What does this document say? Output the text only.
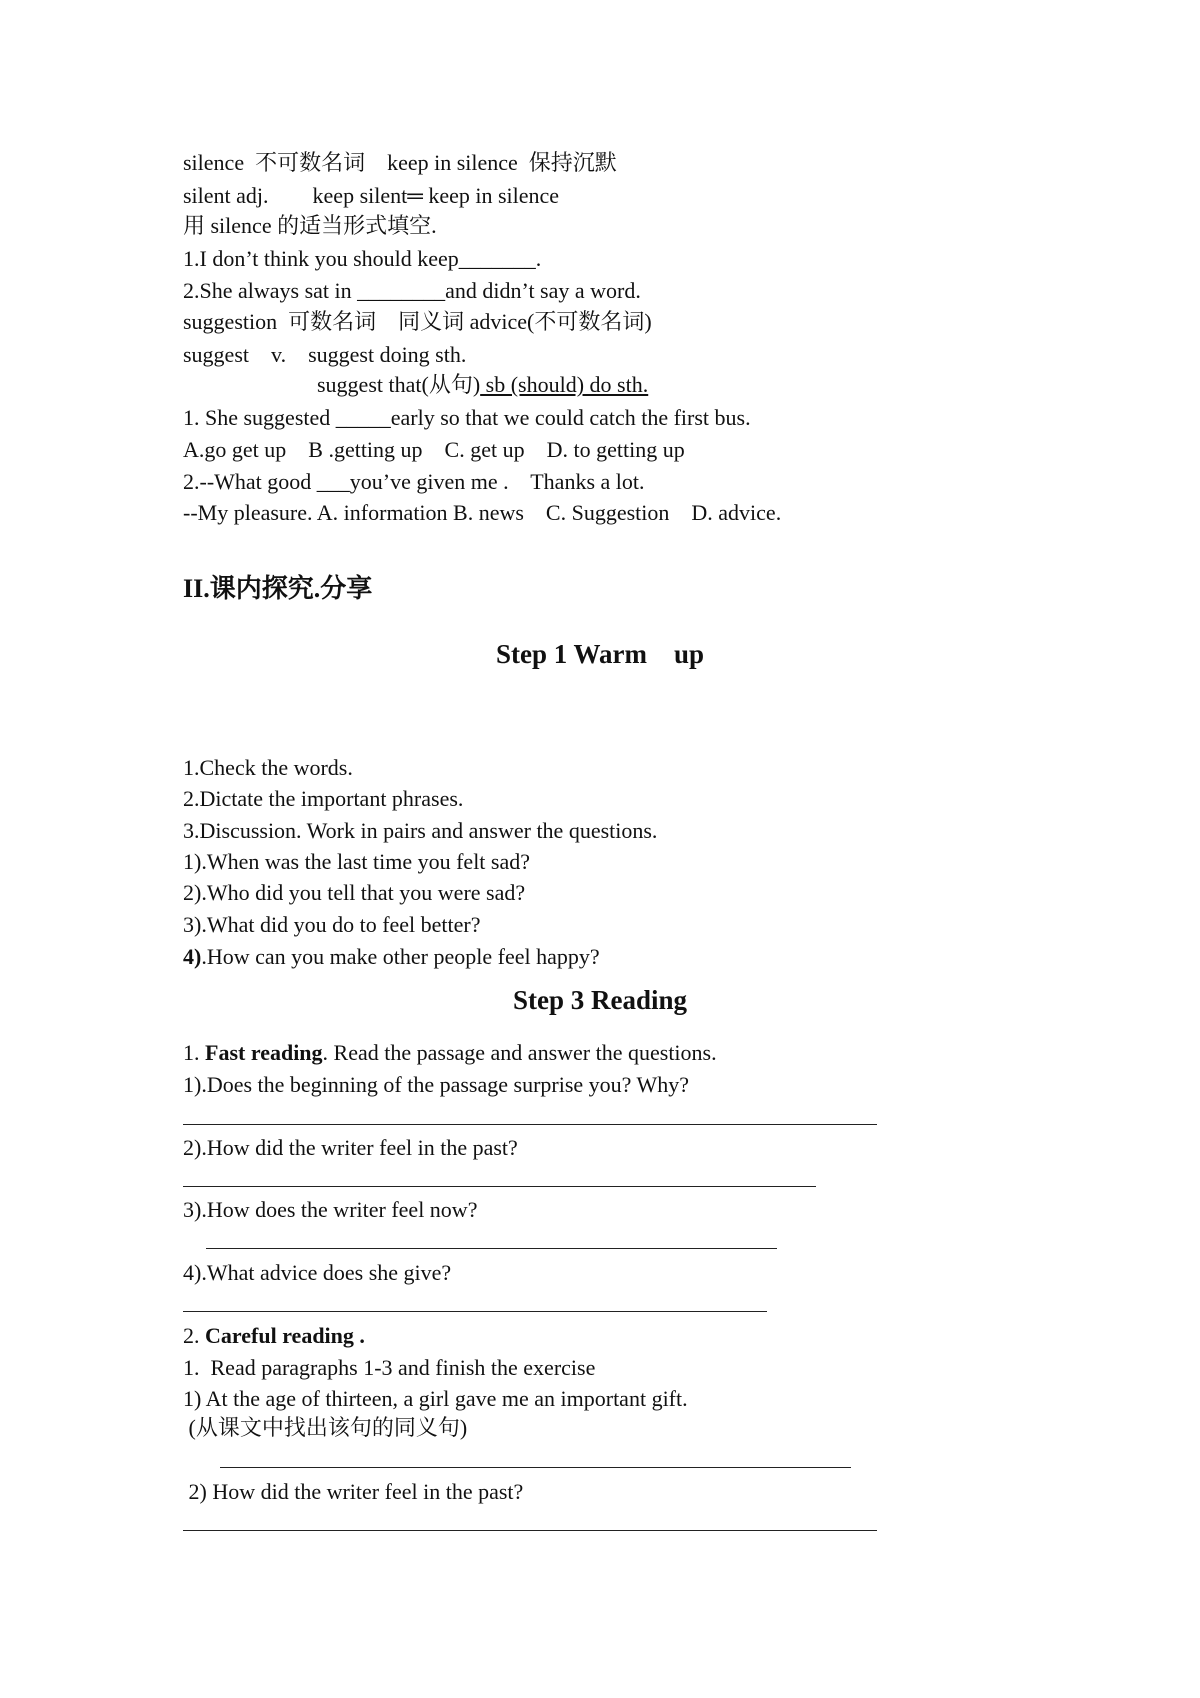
silence  不可数名词    keep in silence  保持沉默
silent adj.        keep silent═ keep in silence
用 silence 的适当形式填空.
1.I don’t think you should keep_______.
2.She always sat in ________and didn’t say a word.
suggestion  可数名词    同义词 advice(不可数名词)
suggest    v.    suggest doing sth.
suggest that(从句) sb (should) do sth.
1. She suggested _____early so that we could catch the first bus.
A.go get up    B .getting up    C. get up    D. to getting up
2.--What good ___you’ve given me .    Thanks a lot.
--My pleasure. A. information B. news    C. Suggestion    D. advice.
II.课内探究.分享
Step 1 Warm    up
1.Check the words.
2.Dictate the important phrases.
3.Discussion. Work in pairs and answer the questions.
1).When was the last time you felt sad?
2).Who did you tell that you were sad?
3).What did you do to feel better?
4).How can you make other people feel happy?
Step 3 Reading
1. Fast reading. Read the passage and answer the questions.
1).Does the beginning of the passage surprise you? Why?
2).How did the writer feel in the past?
3).How does the writer feel now?
4).What advice does she give?
2. Careful reading .
1.  Read paragraphs 1-3 and finish the exercise
1) At the age of thirteen, a girl gave me an important gift.
(从课文中找出该句的同义句)
2) How did the writer feel in the past?
